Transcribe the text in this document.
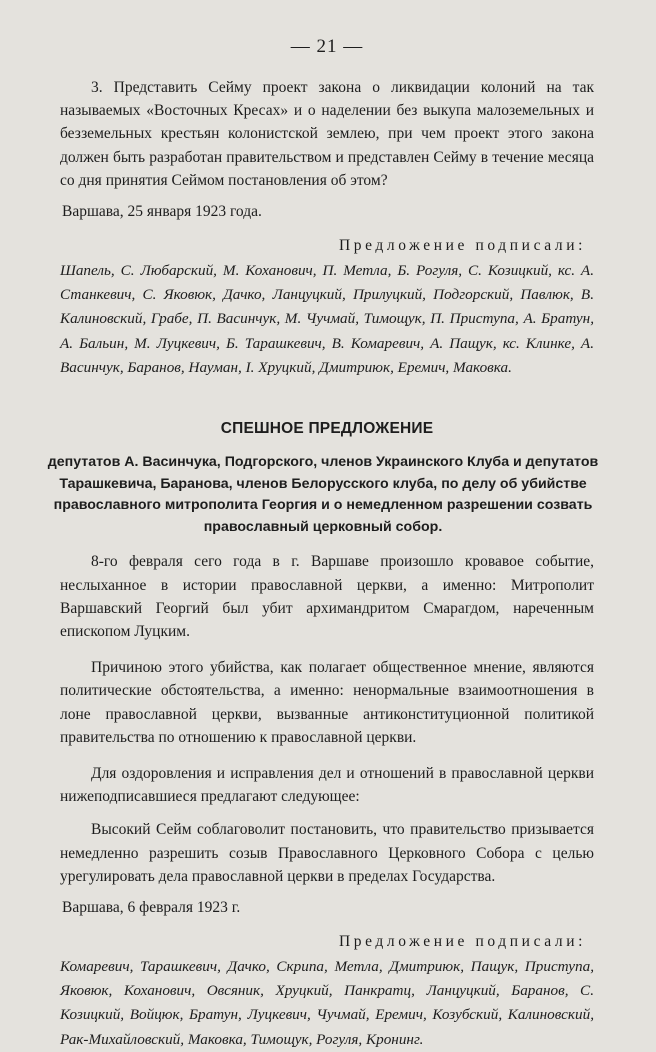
— 21 —

3. Представить Сейму проект закона о ликвидации колоний на так называемых «Восточных Кресах» и о наделении без выкупа малоземельных и безземельных крестьян колонистской землею, при чем проект этого закона должен быть разработан правительством и представлен Сейму в течение месяца со дня принятия Сеймом постановления об этом?

Варшава, 25 января 1923 года.

Предложение подписали:

Шапель, С. Любарский, М. Коханович, П. Метла, Б. Рогуля, С. Козицкий, кс. А. Станкевич, С. Яковюк, Дачко, Ланцуцкий, Прилуцкий, Подгорский, Павлюк, В. Калиновский, Грабе, П. Васинчук, М. Чучмай, Тимощук, П. Приступа, А. Братун, А. Бальин, М. Луцкевич, Б. Тарашкевич, В. Комаревич, А. Пащук, кс. Клинке, А. Васинчук, Баранов, Науман, I. Хруцкий, Дмитриюк, Еремич, Маковка.

СПЕШНОЕ ПРЕДЛОЖЕНИЕ
депутатов А. Васинчука, Подгорского, членов Украинского Клуба и депутатов Тарашкевича, Баранова, членов Белорусского клуба, по делу об убийстве православного митрополита Георгия и о немедленном разрешении созвать православный церковный собор.

8-го февраля сего года в г. Варшаве произошло кровавое событие, неслыханное в истории православной церкви, а именно: Митрополит Варшавский Георгий был убит архимандритом Смарагдом, нареченным епископом Луцким.

Причиною этого убийства, как полагает общественное мнение, являются политические обстоятельства, а именно: ненормальные взаимоотношения в лоне православной церкви, вызванные антиконституционной политикой правительства по отношению к православной церкви.

Для оздоровления и исправления дел и отношений в православной церкви нижеподписавшиеся предлагают следующее:

Высокий Сейм соблаговолит постановить, что правительство призывается немедленно разрешить созыв Православного Церковного Собора с целью урегулировать дела православной церкви в пределах Государства.

Варшава, 6 февраля 1923 г.

Предложение подписали:

Комаревич, Тарашкевич, Дачко, Скрипа, Метла, Дмитриюк, Пащук, Приступа, Яковюк, Коханович, Овсяник, Хруцкий, Панкратц, Ланцуцкий, Баранов, С. Козицкий, Войцюк, Братун, Луцкевич, Чучмай, Еремич, Козубский, Калиновский, Рак-Михайловский, Маковка, Тимощук, Рогуля, Кронинг.
